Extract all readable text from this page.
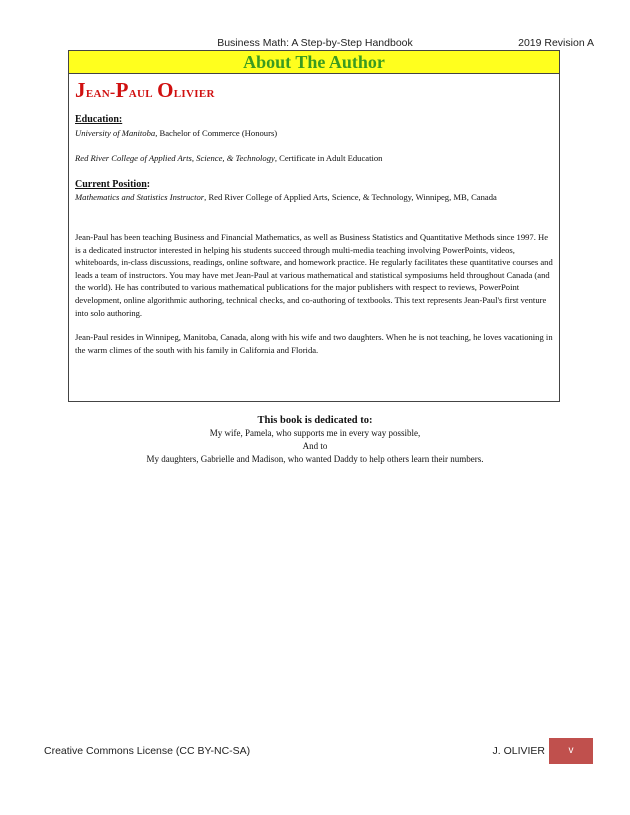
Business Math: A Step-by-Step Handbook	2019 Revision A
About The Author
Jean-Paul Olivier
Education:

University of Manitoba, Bachelor of Commerce (Honours)

Red River College of Applied Arts, Science, & Technology, Certificate in Adult Education

Current Position:

Mathematics and Statistics Instructor, Red River College of Applied Arts, Science, & Technology, Winnipeg, MB, Canada

Jean-Paul has been teaching Business and Financial Mathematics, as well as Business Statistics and Quantitative Methods since 1997. He is a dedicated instructor interested in helping his students succeed through multi-media teaching involving PowerPoints, videos, whiteboards, in-class discussions, readings, online software, and homework practice. He regularly facilitates these quantitative courses and leads a team of instructors. You may have met Jean-Paul at various mathematical and statistical symposiums held throughout Canada (and the world). He has contributed to various mathematical publications for the major publishers with respect to reviews, PowerPoint development, online algorithmic authoring, technical checks, and co-authoring of textbooks. This text represents Jean-Paul's first venture into solo authoring.

Jean-Paul resides in Winnipeg, Manitoba, Canada, along with his wife and two daughters. When he is not teaching, he loves vacationing in the warm climes of the south with his family in California and Florida.

This book is dedicated to:
My wife, Pamela, who supports me in every way possible,
And to
My daughters, Gabrielle and Madison, who wanted Daddy to help others learn their numbers.
Creative Commons License (CC BY-NC-SA)	J. OLIVIER	v
